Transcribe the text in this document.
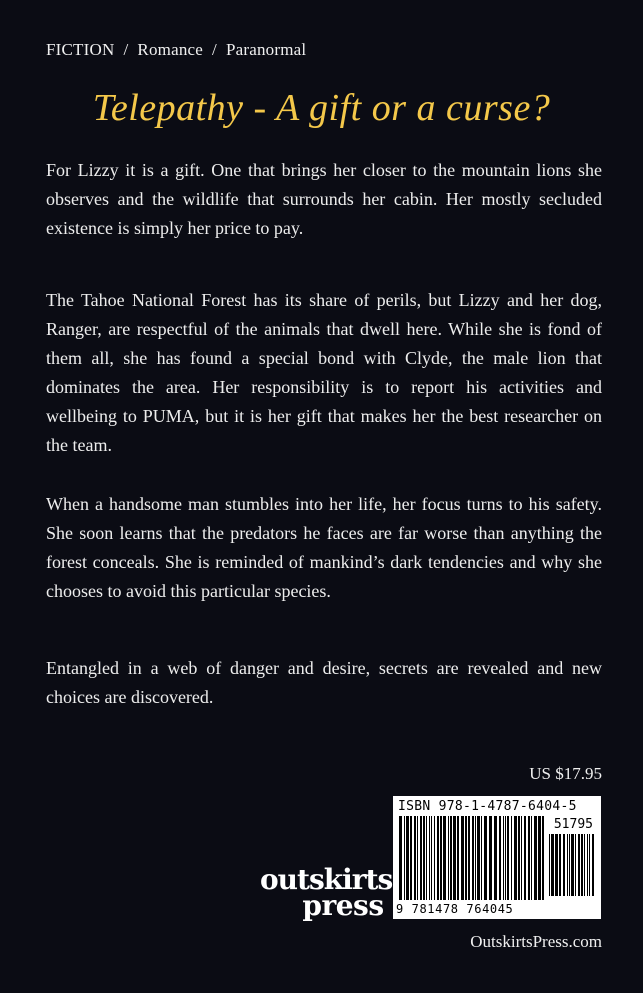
FICTION / Romance / Paranormal
Telepathy - A gift or a curse?

For Lizzy it is a gift. One that brings her closer to the mountain lions she observes and the wildlife that surrounds her cabin. Her mostly secluded existence is simply her price to pay.

The Tahoe National Forest has its share of perils, but Lizzy and her dog, Ranger, are respectful of the animals that dwell here. While she is fond of them all, she has found a special bond with Clyde, the male lion that dominates the area. Her responsibility is to report his activities and wellbeing to PUMA, but it is her gift that makes her the best researcher on the team.

When a handsome man stumbles into her life, her focus turns to his safety. She soon learns that the predators he faces are far worse than anything the forest conceals. She is reminded of mankind’s dark tendencies and why she chooses to avoid this particular species.

Entangled in a web of danger and desire, secrets are revealed and new choices are discovered.

US $17.95
ISBN 978-1-4787-6404-5
51795
9 781478 764045
outskirts
press
OutskirtsPress.com
